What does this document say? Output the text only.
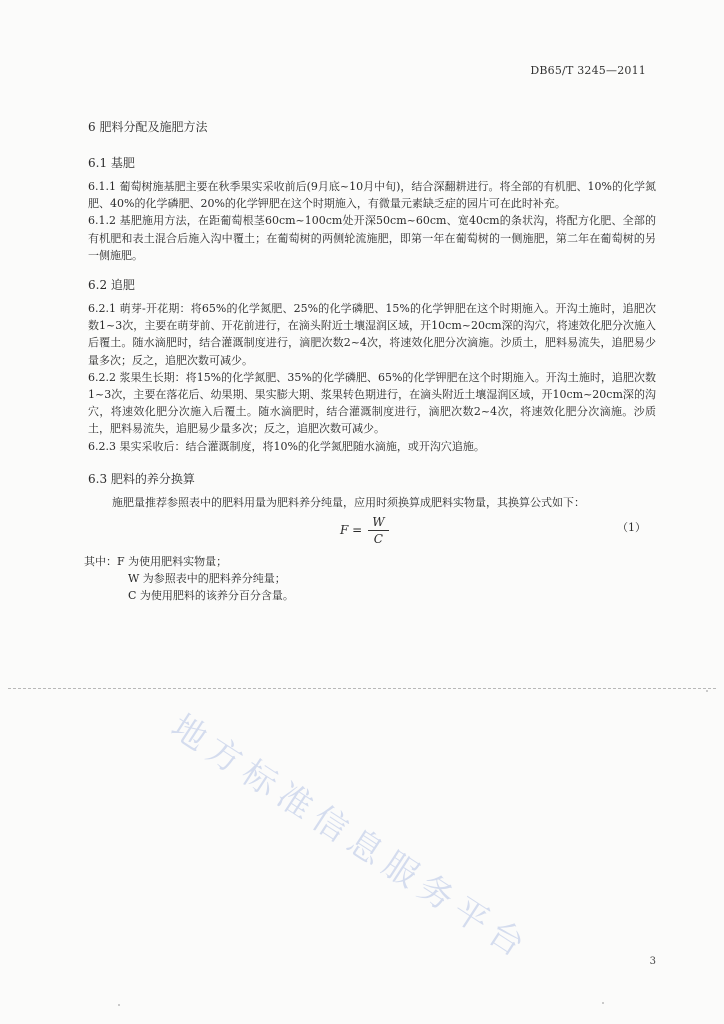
DB65/T 3245—2011
6 肥料分配及施肥方法
6.1 基肥

6.1.1 葡萄树施基肥主要在秋季果实采收前后(9月底~10月中旬)，结合深翻耕进行。将全部的有机肥、10%的化学氮肥、40%的化学磷肥、20%的化学钾肥在这个时期施入，有微量元素缺乏症的园片可在此时补充。

6.1.2 基肥施用方法，在距葡萄根茎60cm~100cm处开深50cm~60cm、宽40cm的条状沟，将配方化肥、全部的有机肥和表土混合后施入沟中覆土；在葡萄树的两侧轮流施肥，即第一年在葡萄树的一侧施肥，第二年在葡萄树的另一侧施肥。

6.2 追肥

6.2.1 萌芽-开花期：将65%的化学氮肥、25%的化学磷肥、15%的化学钾肥在这个时期施入。开沟土施时，追肥次数1~3次，主要在萌芽前、开花前进行，在滴头附近土壤湿润区域，开10cm~20cm深的沟穴，将速效化肥分次施入后覆土。随水滴肥时，结合灌溉制度进行，滴肥次数2~4次，将速效化肥分次滴施。沙质土，肥料易流失，追肥易少量多次；反之，追肥次数可减少。

6.2.2 浆果生长期：将15%的化学氮肥、35%的化学磷肥、65%的化学钾肥在这个时期施入。开沟土施时，追肥次数1~3次，主要在落花后、幼果期、果实膨大期、浆果转色期进行，在滴头附近土壤湿润区域，开10cm~20cm深的沟穴，将速效化肥分次施入后覆土。随水滴肥时，结合灌溉制度进行，滴肥次数2~4次，将速效化肥分次滴施。沙质土，肥料易流失，追肥易少量多次；反之，追肥次数可减少。

6.2.3 果实采收后：结合灌溉制度，将10%的化学氮肥随水滴施，或开沟穴追施。

6.3 肥料的养分换算

施肥量推荐参照表中的肥料用量为肥料养分纯量，应用时须换算成肥料实物量，其换算公式如下：

$F = \frac{W}{C}$	（1）
其中：F 为使用肥料实物量；
W 为参照表中的肥料养分纯量；
C 为使用肥料的该养分百分含量。
地方标准信息服务平台	3
